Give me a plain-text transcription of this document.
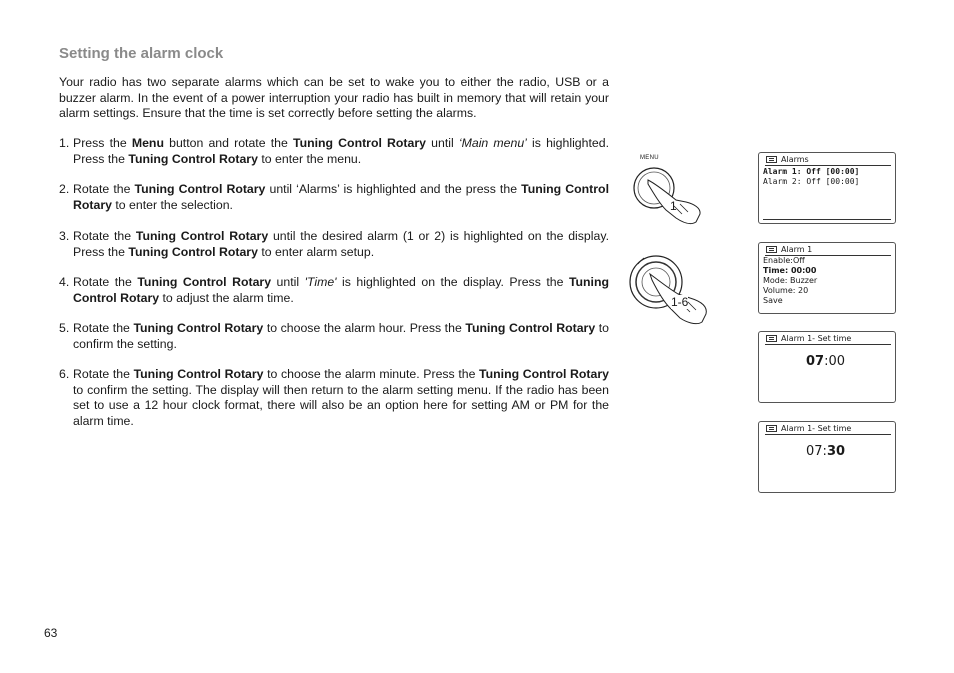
Setting the alarm clock
Your radio has two separate alarms which can be set to wake you to either the radio, USB or a buzzer alarm. In the event of a power interruption your radio has built in memory that will retain your alarm settings. Ensure that the time is set correctly before setting the alarms.
1. Press the Menu button and rotate the Tuning Control Rotary until ‘Main menu’ is highlighted. Press the Tuning Control Rotary to enter the menu.
2. Rotate the Tuning Control Rotary until ‘Alarms’ is highlighted and the press the Tuning Control Rotary to enter the selection.
3. Rotate the Tuning Control Rotary until the desired alarm (1 or 2) is highlighted on the display. Press the Tuning Control Rotary to enter alarm setup.
4. Rotate the Tuning Control Rotary until 'Time' is highlighted on the display. Press the Tuning Control Rotary to adjust the alarm time.
5. Rotate the Tuning Control Rotary to choose the alarm hour. Press the Tuning Control Rotary to confirm the setting.
6. Rotate the Tuning Control Rotary to choose the alarm minute. Press the Tuning Control Rotary to confirm the setting. The display will then return to the alarm setting menu. If the radio has been set to use a 12 hour clock format, there will also be an option here for setting AM or PM for the alarm time.
MENU
1
1-6
Alarms
Alarm 1: Off [00:00]
Alarm 2: Off [00:00]
Alarm 1
Enable:Off
Time: 00:00
Mode: Buzzer
Volume: 20
Save
Alarm 1- Set time
07:00
Alarm 1- Set time
07:30
63
